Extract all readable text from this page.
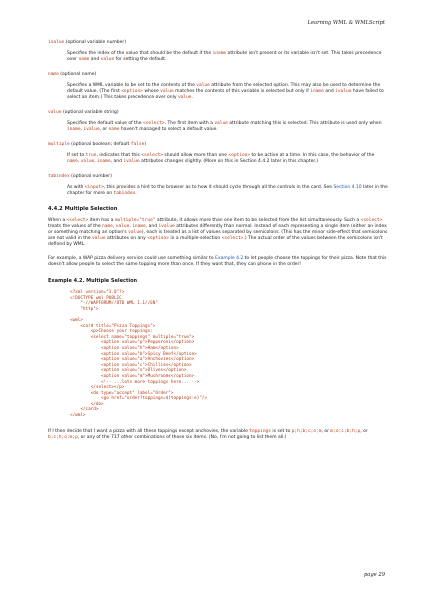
Learning WML & WMLScript
ivalue (optional variable number)
Specifies the index of the value that should be the default if the iname attribute isn't present or its variable isn't set. This takes precedence over name and value for setting the default.
name (optional name)
Specifies a WML variable to be set to the contents of the value attribute from the selected option. This may also be used to determine the default value. (The first <option> whose value matches the contents of this variable is selected but only if iname and ivalue have failed to select an item.) This takes precedence over only value.
value (optional variable string)
Specifies the default value of the <select>. The first item with a value attribute matching this is selected. This attribute is used only when iname, ivalue, or name haven't managed to select a default value.
multiple (optional boolean; default false)
If set to true, indicates that this <select> should allow more than one <option> to be active at a time. In this case, the behavior of the name, value, iname, and ivalue attributes changes slightly. (More on this in Section 4.4.2 later in this chapter.)
tabindex (optional number)
As with <input>, this provides a hint to the browser as to how it should cycle through all the controls in the card. See Section 4.10 later in the chapter for more on tabindex.
4.4.2 Multiple Selection

When a <select> item has a multiple="true" attribute, it allows more than one item to be selected from the list simultaneously. Such a <select> treats the values of the name, value, iname, and ivalue attributes differently than normal. Instead of each representing a single item (either an index or something matching an option's value), each is treated as a list of values separated by semicolons. (This has the minor side-effect that semicolons are not valid in the value attributes on any <option> in a multiple-selection <select>.) The actual order of the values between the semicolons isn't defined by WML.

For example, a WAP pizza delivery service could use something similar to Example 4.2 to let people choose the toppings for their pizza. Note that this doesn't allow people to select the same topping more than once. If they want that, they can phone in the order!

Example 4.2. Multiple Selection
<?xml version="1.0"?>
<!DOCTYPE wml PUBLIC
"-//WAPFORUM//DTD WML 1.1//EN"
"http">

<wml>
<card title="Pizza Toppings">
<p>Choose your toppings:
<select name="toppings" multiple="true">
<option value="p">Pepperoni</option>
<option value="h">Ham</option>
<option value="b">Spicy Beef</option>
<option value="a">Anchovies</option>
<option value="c">Chillies</option>
<option value="o">Olives</option>
<option value="m">Mushrooms</option>
<!-- ...lots more toppings here... -->
</select></p>
<do type="accept" label="Order">
<go href="order?toppings=$(toppings:e)"/>
</do>
</card>
</wml>

If I then decide that I want a pizza with all these toppings except anchovies, the variable toppings is set to p;h;b;c;o;m, or m;o;c;b;h;p, or b;c;h;o;m;p, or any of the 717 other combinations of those six items. (No, I'm not going to list them all.)

page 29
